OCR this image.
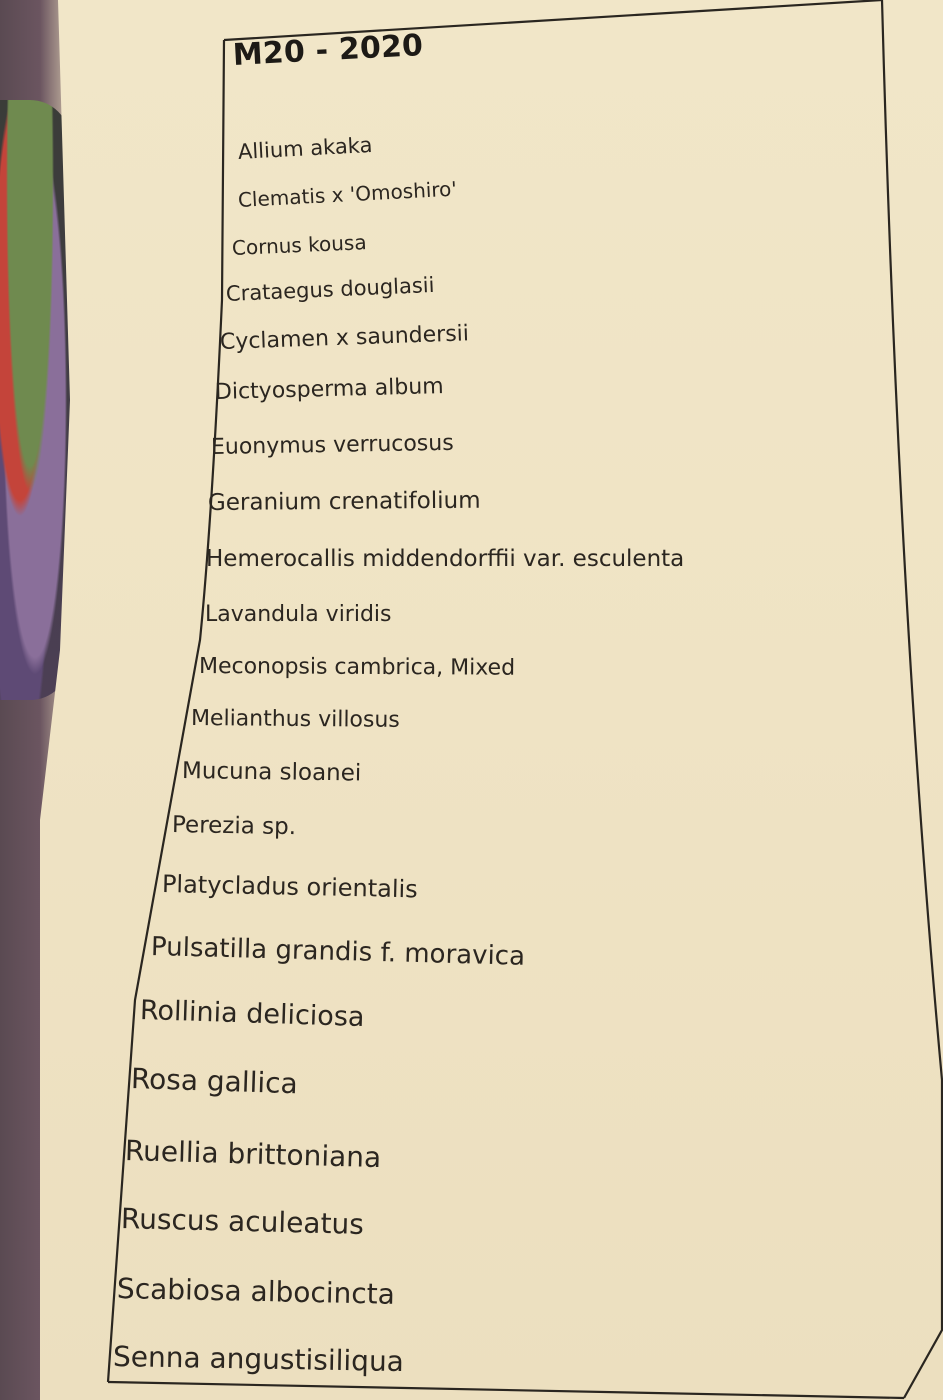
M20 - 2020
Allium akaka
Clematis x 'Omoshiro'
Cornus kousa
Crataegus douglasii
Cyclamen x saundersii
Dictyosperma album
Euonymus verrucosus
Geranium crenatifolium
Hemerocallis middendorffii var. esculenta
Lavandula viridis
Meconopsis cambrica, Mixed
Melianthus villosus
Mucuna sloanei
Perezia sp.
Platycladus orientalis
Pulsatilla grandis f. moravica
Rollinia deliciosa
Rosa gallica
Ruellia brittoniana
Ruscus aculeatus
Scabiosa albocincta
Senna angustisiliqua
